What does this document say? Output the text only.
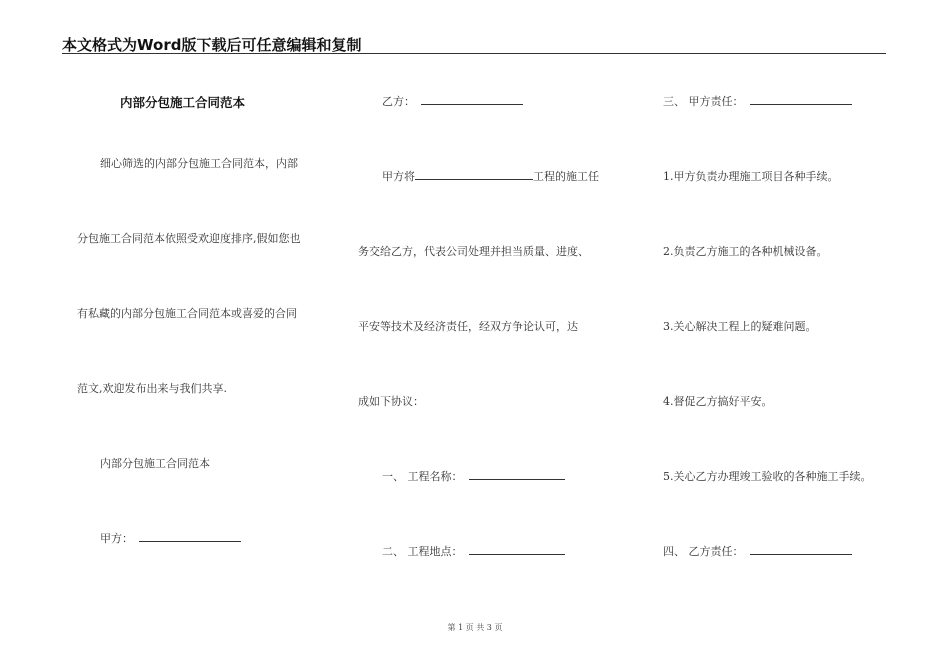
本文格式为Word版下载后可任意编辑和复制
内部分包施工合同范本
细心筛选的内部分包施工合同范本，内部
分包施工合同范本依照受欢迎度排序,假如您也
有私藏的内部分包施工合同范本或喜爱的合同
范文,欢迎发布出来与我们共享.
内部分包施工合同范本
甲方：
乙方：
甲方将	工程的施工任
务交给乙方，代表公司处理并担当质量、进度、
平安等技术及经济责任，经双方争论认可，达
成如下协议：
一、 工程名称：
二、 工程地点：
三、 甲方责任：
1.甲方负责办理施工项目各种手续。
2.负责乙方施工的各种机械设备。
3.关心解决工程上的疑难问题。
4.督促乙方搞好平安。
5.关心乙方办理竣工验收的各种施工手续。
四、 乙方责任：
第 1 页 共 3 页
